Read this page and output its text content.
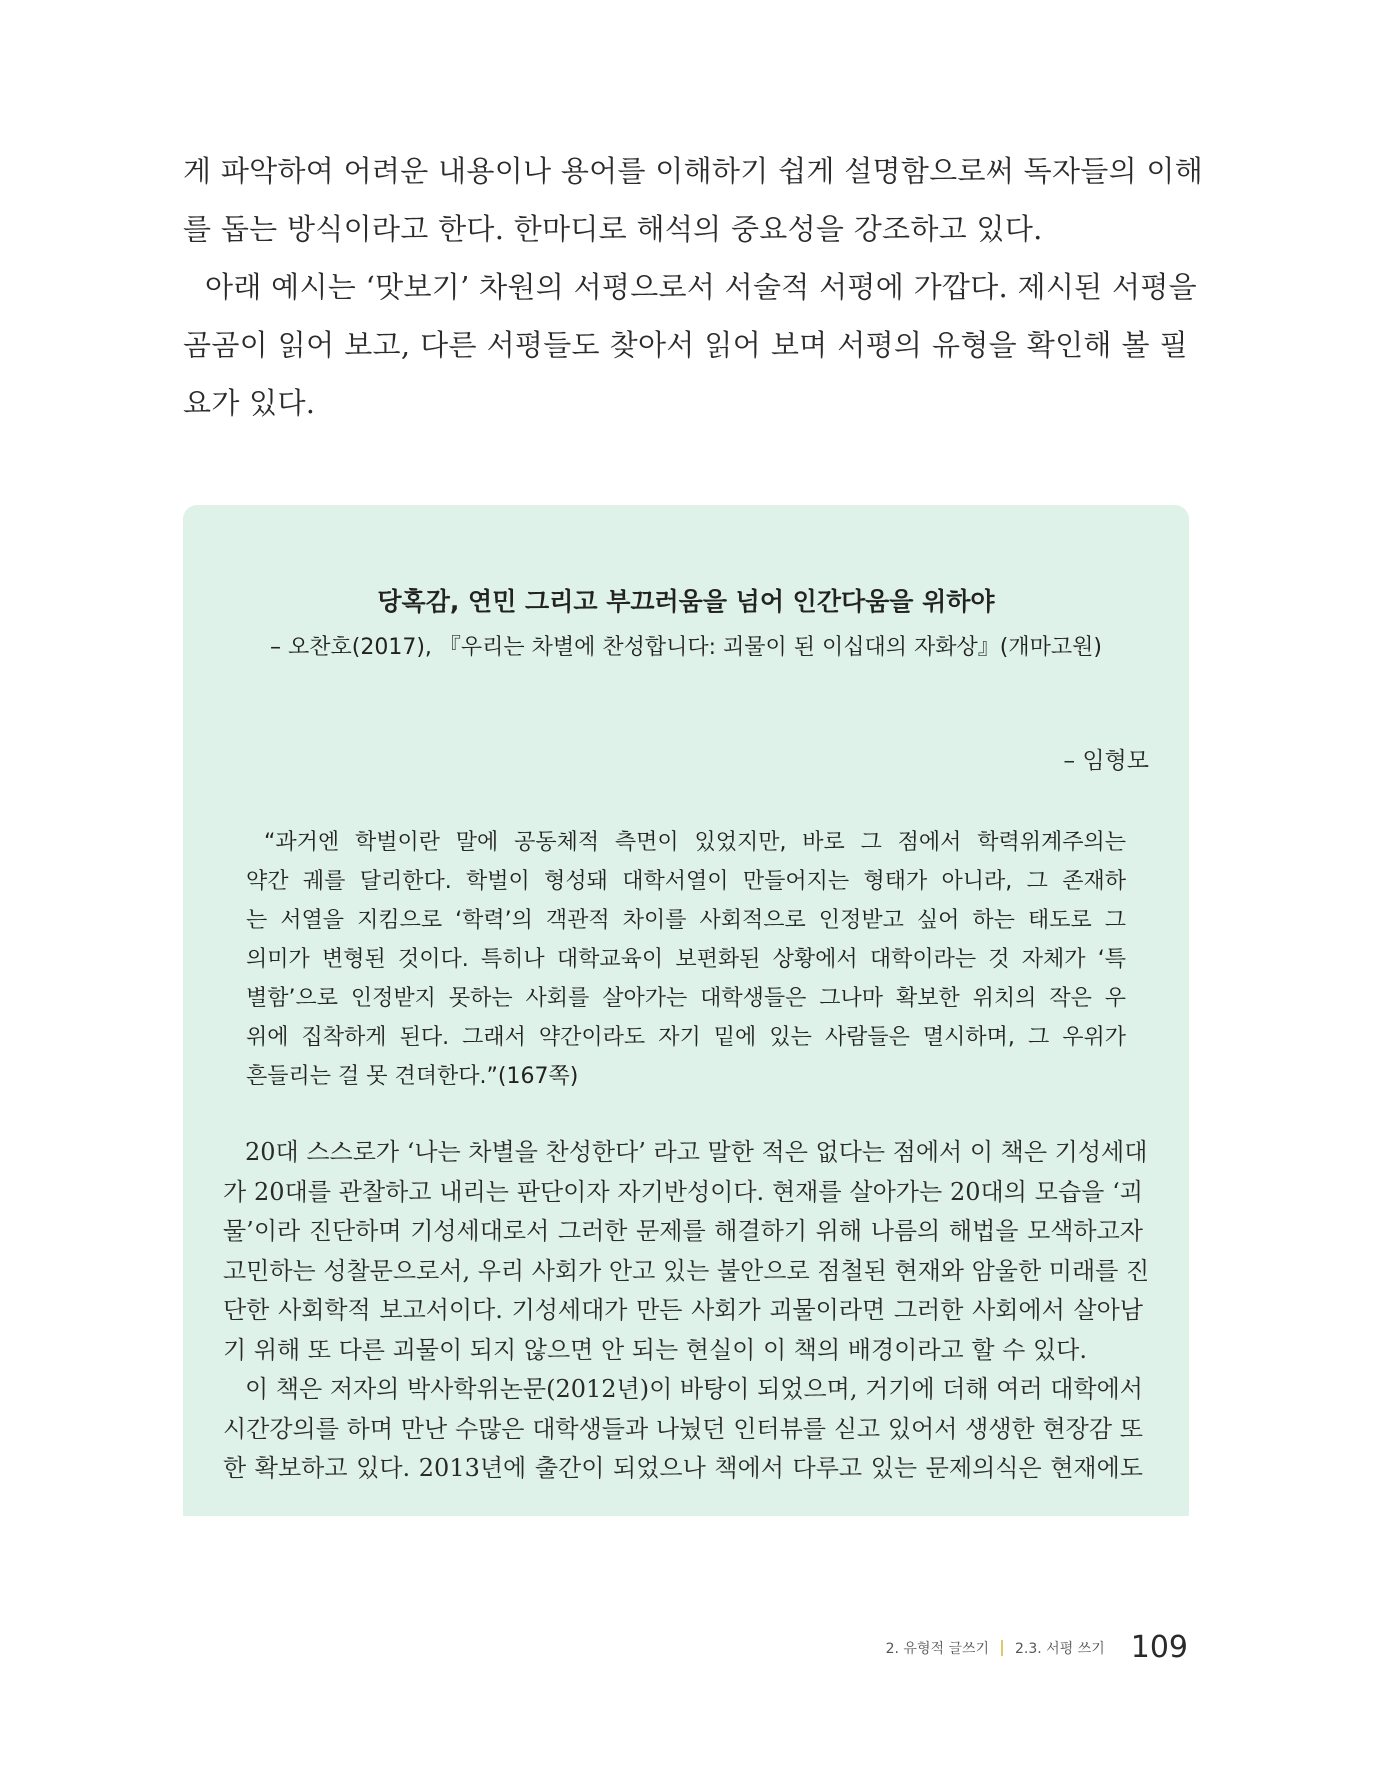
게 파악하여 어려운 내용이나 용어를 이해하기 쉽게 설명함으로써 독자들의 이해
를 돕는 방식이라고 한다. 한마디로 해석의 중요성을 강조하고 있다.
아래 예시는 ‘맛보기’ 차원의 서평으로서 서술적 서평에 가깝다. 제시된 서평을
곰곰이 읽어 보고, 다른 서평들도 찾아서 읽어 보며 서평의 유형을 확인해 볼 필
요가 있다.
당혹감, 연민 그리고 부끄러움을 넘어 인간다움을 위하야
– 오찬호(2017), 『우리는 차별에 찬성합니다: 괴물이 된 이십대의 자화상』(개마고원)
– 임형모
“과거엔 학벌이란 말에 공동체적 측면이 있었지만, 바로 그 점에서 학력위계주의는
약간 궤를 달리한다. 학벌이 형성돼 대학서열이 만들어지는 형태가 아니라, 그 존재하
는 서열을 지킴으로 ‘학력’의 객관적 차이를 사회적으로 인정받고 싶어 하는 태도로 그
의미가 변형된 것이다. 특히나 대학교육이 보편화된 상황에서 대학이라는 것 자체가 ‘특
별함’으로 인정받지 못하는 사회를 살아가는 대학생들은 그나마 확보한 위치의 작은 우
위에 집착하게 된다. 그래서 약간이라도 자기 밑에 있는 사람들은 멸시하며, 그 우위가
흔들리는 걸 못 견뎌한다.”(167쪽)
20대 스스로가 ‘나는 차별을 찬성한다’ 라고 말한 적은 없다는 점에서 이 책은 기성세대
가 20대를 관찰하고 내리는 판단이자 자기반성이다. 현재를 살아가는 20대의 모습을 ‘괴
물’이라 진단하며 기성세대로서 그러한 문제를 해결하기 위해 나름의 해법을 모색하고자
고민하는 성찰문으로서, 우리 사회가 안고 있는 불안으로 점철된 현재와 암울한 미래를 진
단한 사회학적 보고서이다. 기성세대가 만든 사회가 괴물이라면 그러한 사회에서 살아남
기 위해 또 다른 괴물이 되지 않으면 안 되는 현실이 이 책의 배경이라고 할 수 있다.
이 책은 저자의 박사학위논문(2012년)이 바탕이 되었으며, 거기에 더해 여러 대학에서
시간강의를 하며 만난 수많은 대학생들과 나눴던 인터뷰를 싣고 있어서 생생한 현장감 또
한 확보하고 있다. 2013년에 출간이 되었으나 책에서 다루고 있는 문제의식은 현재에도
2. 유형적 글쓰기 2.3. 서평 쓰기 109
